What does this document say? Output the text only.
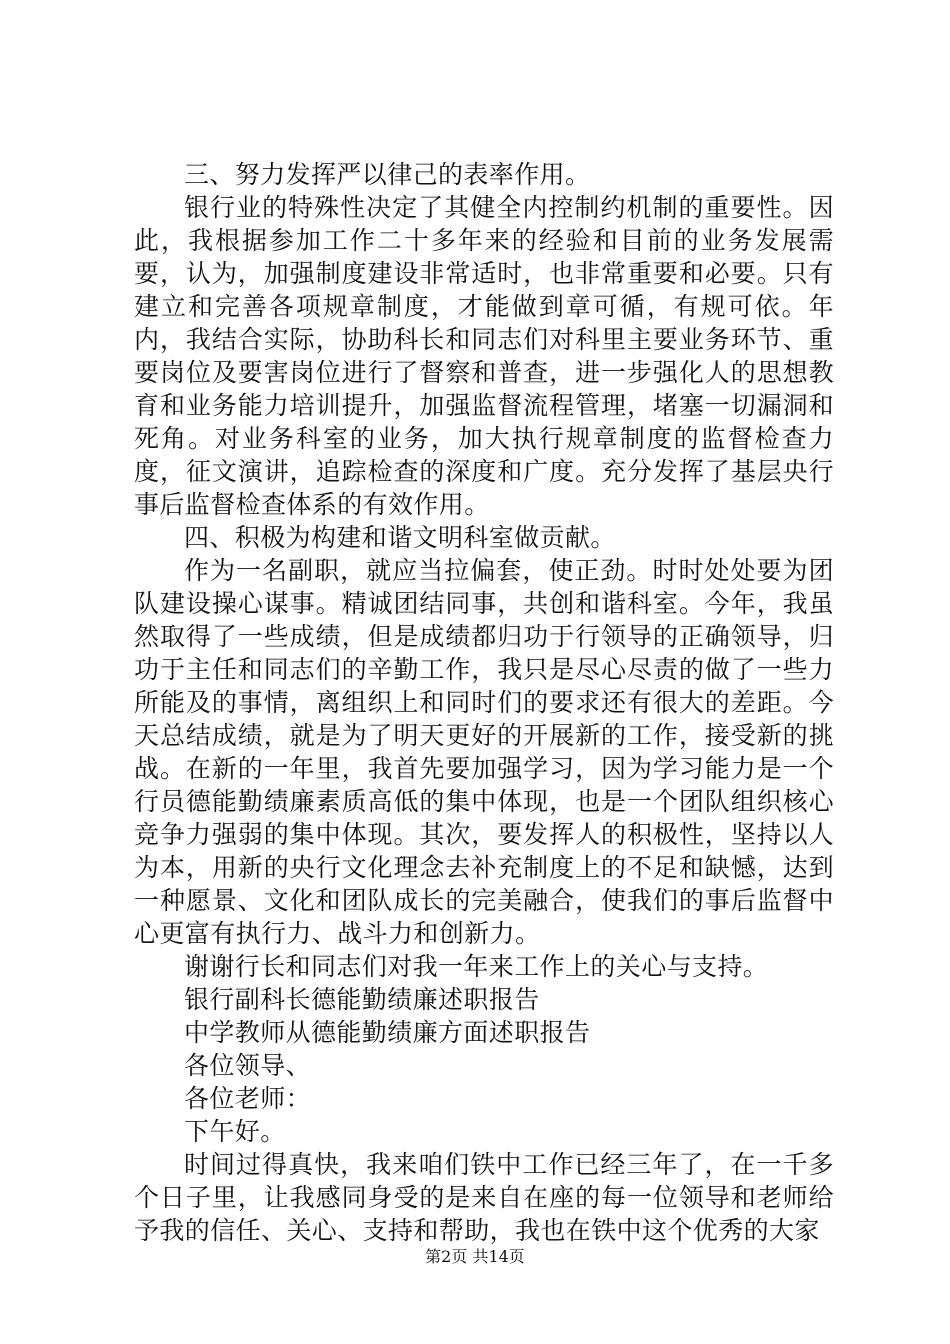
三、努力发挥严以律己的表率作用。

银行业的特殊性决定了其健全内控制约机制的重要性。因此，我根据参加工作二十多年来的经验和目前的业务发展需要，认为，加强制度建设非常适时，也非常重要和必要。只有建立和完善各项规章制度，才能做到章可循，有规可依。年内，我结合实际，协助科长和同志们对科里主要业务环节、重要岗位及要害岗位进行了督察和普查，进一步强化人的思想教育和业务能力培训提升，加强监督流程管理，堵塞一切漏洞和死角。对业务科室的业务，加大执行规章制度的监督检查力度，征文演讲，追踪检查的深度和广度。充分发挥了基层央行事后监督检查体系的有效作用。

四、积极为构建和谐文明科室做贡献。

作为一名副职，就应当拉偏套，使正劲。时时处处要为团队建设操心谋事。精诚团结同事，共创和谐科室。今年，我虽然取得了一些成绩，但是成绩都归功于行领导的正确领导，归功于主任和同志们的辛勤工作，我只是尽心尽责的做了一些力所能及的事情，离组织上和同时们的要求还有很大的差距。今天总结成绩，就是为了明天更好的开展新的工作，接受新的挑战。在新的一年里，我首先要加强学习，因为学习能力是一个行员德能勤绩廉素质高低的集中体现，也是一个团队组织核心竞争力强弱的集中体现。其次，要发挥人的积极性，坚持以人为本，用新的央行文化理念去补充制度上的不足和缺憾，达到一种愿景、文化和团队成长的完美融合，使我们的事后监督中心更富有执行力、战斗力和创新力。

谢谢行长和同志们对我一年来工作上的关心与支持。

银行副科长德能勤绩廉述职报告

中学教师从德能勤绩廉方面述职报告

各位领导、

各位老师：

下午好。

时间过得真快，我来咱们铁中工作已经三年了，在一千多个日子里，让我感同身受的是来自在座的每一位领导和老师给予我的信任、关心、支持和帮助，我也在铁中这个优秀的大家

第2页 共14页
